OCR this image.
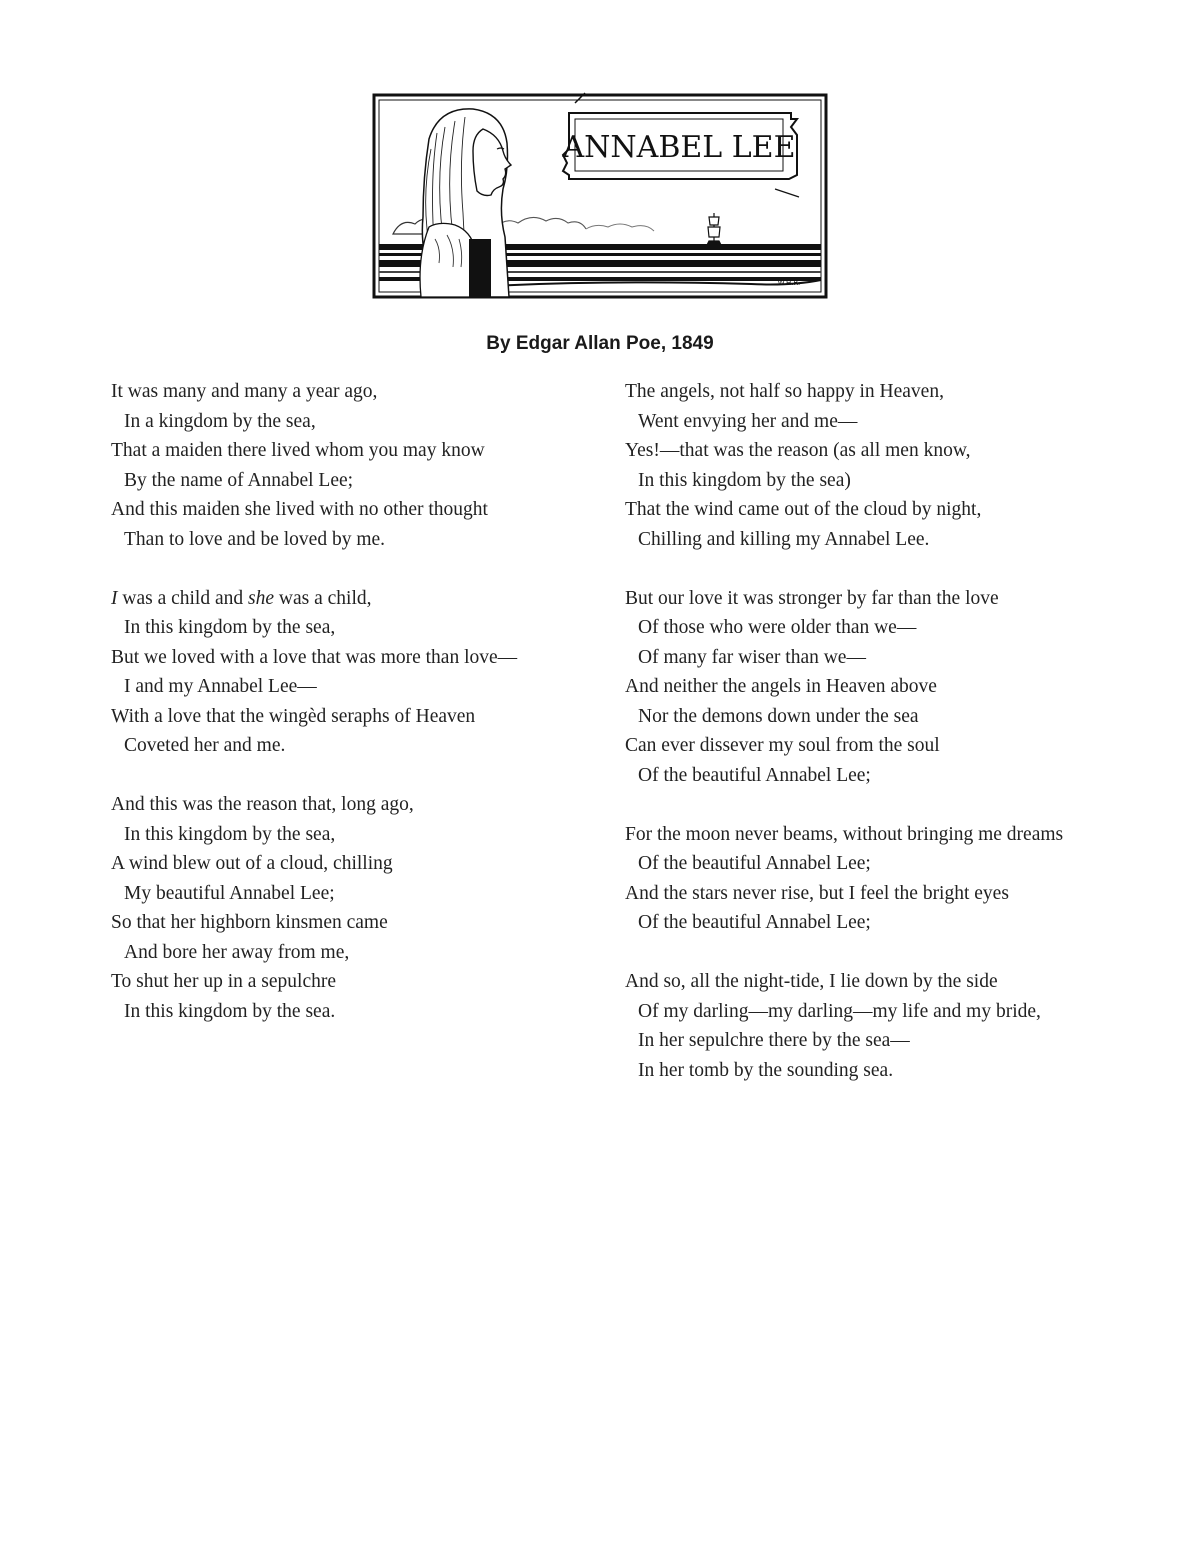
ANNABEL LEE
W.H.R.
By Edgar Allan Poe, 1849
It was many and many a year ago,
In a kingdom by the sea,
That a maiden there lived whom you may know
By the name of Annabel Lee;
And this maiden she lived with no other thought
Than to love and be loved by me.
I was a child and she was a child,
In this kingdom by the sea,
But we loved with a love that was more than love—
I and my Annabel Lee—
With a love that the wingèd seraphs of Heaven
Coveted her and me.
And this was the reason that, long ago,
In this kingdom by the sea,
A wind blew out of a cloud, chilling
My beautiful Annabel Lee;
So that her highborn kinsmen came
And bore her away from me,
To shut her up in a sepulchre
In this kingdom by the sea.
The angels, not half so happy in Heaven,
Went envying her and me—
Yes!—that was the reason (as all men know,
In this kingdom by the sea)
That the wind came out of the cloud by night,
Chilling and killing my Annabel Lee.
But our love it was stronger by far than the love
Of those who were older than we—
Of many far wiser than we—
And neither the angels in Heaven above
Nor the demons down under the sea
Can ever dissever my soul from the soul
Of the beautiful Annabel Lee;
For the moon never beams, without bringing me dreams
Of the beautiful Annabel Lee;
And the stars never rise, but I feel the bright eyes
Of the beautiful Annabel Lee;
And so, all the night-tide, I lie down by the side
Of my darling—my darling—my life and my bride,
In her sepulchre there by the sea—
In her tomb by the sounding sea.
